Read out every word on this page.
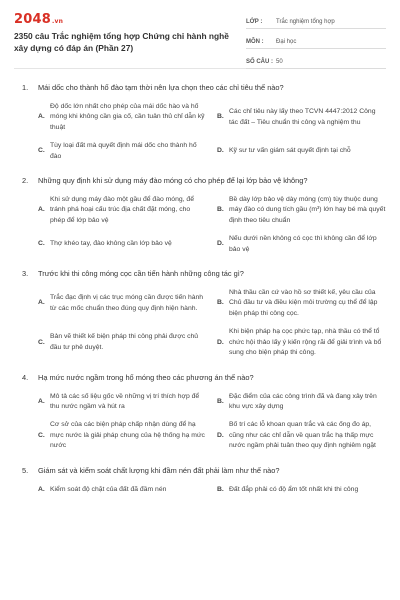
2048.vn
2350 câu Trắc nghiệm tổng hợp Chứng chỉ hành nghề xây dựng có đáp án (Phần 27)
LỚP :	Trắc nghiệm tổng hợp
MÔN :	Đại học
SỐ CÂU : 50
1.	Mái dốc cho thành hố đào tạm thời nên lựa chọn theo các chỉ tiêu thế nào?
A.
Độ dốc lớn nhất cho phép của mái dốc hào và hố móng khi không cần gia cố, cần tuân thủ chỉ dẫn kỹ thuật
B.
Các chỉ tiêu này lấy theo TCVN 4447:2012 Công tác đất – Tiêu chuẩn thi công và nghiệm thu
C.
Tùy loại đất mà quyết định mái dốc cho thành hố đào
D. Kỹ sư tư vấn giám sát quyết định tại chỗ
2.	Những quy định khi sử dụng máy đào móng có cho phép để lại lớp bảo vệ không?
A.
Khi sử dụng máy đào một gầu để đào móng, để tránh phá hoại cấu trúc địa chất đặt móng, cho phép để lớp bảo vệ
B.
Bề dày lớp bảo vệ dày móng (cm) tùy thuộc dung máy đào có dung tích gầu (m³) lớn hay bé mà quyết định theo tiêu chuẩn
C. Thợ khéo tay, đào không cần lớp bảo vệ	D.
Nếu dưới nền không có cọc thì không cần để lớp bảo vệ
3.	Trước khi thi công móng cọc cần tiến hành những công tác gì?
A.
Trắc đạc định vị các trục móng cần được tiến hành từ các mốc chuẩn theo đúng quy định hiện hành.
B.
Nhà thầu cần cứ vào hồ sơ thiết kế, yêu cầu của Chủ đầu tư và điều kiện môi trường cụ thể để lập biện pháp thi công cọc.
C.
Bản vẽ thiết kế biện pháp thi công phải được chủ đầu tư phê duyệt.
D.
Khi biện pháp hạ cọc phức tạp, nhà thầu có thể tổ chức hội thảo lấy ý kiến rộng rãi để giải trình và bổ sung cho biện pháp thi công.
4.	Hạ mức nước ngầm trong hố móng theo các phương án thế nào?
A.
Mô tả các số liệu gốc về những vị trí thích hợp để thu nước ngầm và hút ra
B.
Đặc điểm của các công trình đã và đang xây trên khu vực xây dựng
C.
Cơ sở của các biện pháp chấp nhận dùng để hạ mực nước là giải pháp chung của hệ thống hạ mức nước
D.
Bố trí các lỗ khoan quan trắc và các ống đo áp, cũng như các chỉ dẫn về quan trắc hạ thấp mực nước ngầm phải tuân theo quy định nghiêm ngặt
5.	Giám sát và kiểm soát chất lượng khi đầm nén đất phải làm như thế nào?
A. Kiểm soát độ chặt của đất đã đầm nén	B. Đất đắp phải có độ ẩm tốt nhất khi thi công
